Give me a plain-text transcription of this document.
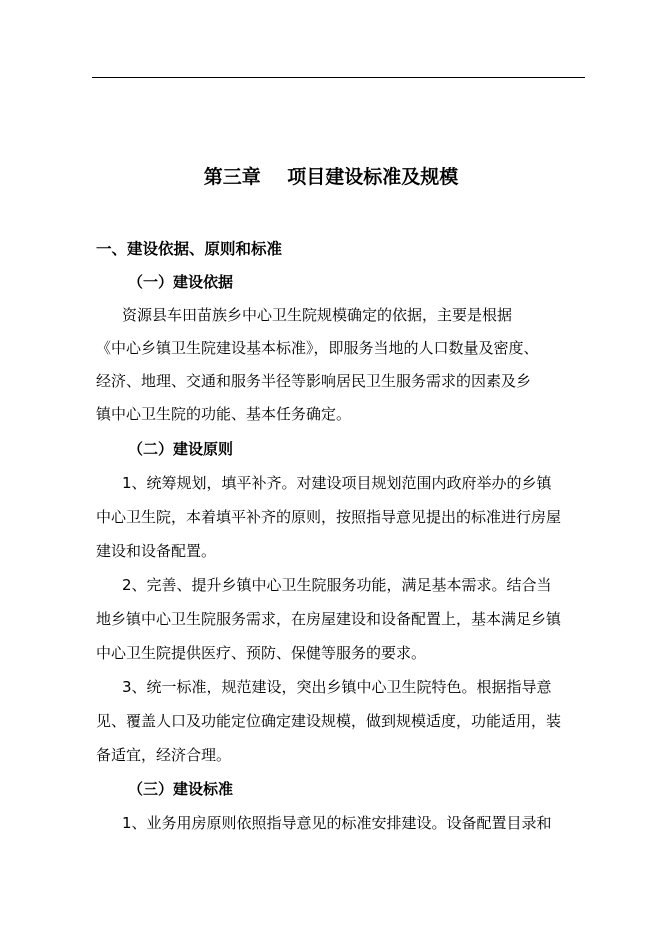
第三章    项目建设标准及规模
一、建设依据、原则和标准
（一）建设依据
资源县车田苗族乡中心卫生院规模确定的依据，主要是根据
《中心乡镇卫生院建设基本标准》，即服务当地的人口数量及密度、
经济、地理、交通和服务半径等影响居民卫生服务需求的因素及乡
镇中心卫生院的功能、基本任务确定。
（二）建设原则
1、统筹规划，填平补齐。对建设项目规划范围内政府举办的乡镇
中心卫生院，本着填平补齐的原则，按照指导意见提出的标准进行房屋
建设和设备配置。
2、完善、提升乡镇中心卫生院服务功能，满足基本需求。结合当
地乡镇中心卫生院服务需求，在房屋建设和设备配置上，基本满足乡镇
中心卫生院提供医疗、预防、保健等服务的要求。
3、统一标准，规范建设，突出乡镇中心卫生院特色。根据指导意
见、覆盖人口及功能定位确定建设规模，做到规模适度，功能适用，装
备适宜，经济合理。
（三）建设标准
1、业务用房原则依照指导意见的标准安排建设。设备配置目录和
